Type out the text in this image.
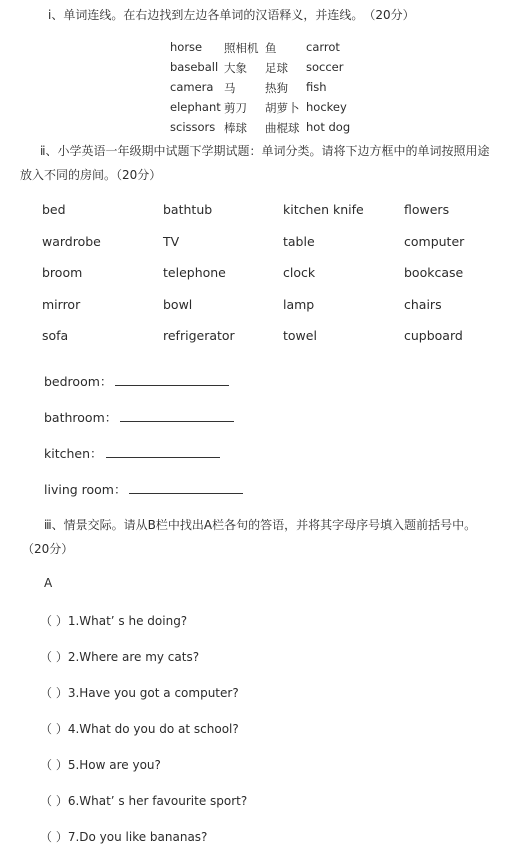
ⅰ、单词连线。在右边找到左边各单词的汉语释义，并连线。　（20分）
horse 照相机 鱼	carrot
baseball 大象 足球 soccer
camera 马	热狗 fish
elephant 剪刀 胡萝卜 hockey
scissors 棒球 曲棍球 hot dog
ⅱ、小学英语一年级期中试题下学期试题：单词分类。请将下边方框中的单词按照用途
放入不同的房间。（20分）
bed	bathtub	kitchen knife	flowers
wardrobe	TV	table	computer
broom	telephone	clock	bookcase
mirror	bowl	lamp	chairs
sofa	refrigerator	towel	cupboard
bedroom：
bathroom：
kitchen：
living room：
ⅲ、情景交际。请从B栏中找出A栏各句的答语，并将其字母序号填入题前括号中。
（20分）
A
（ ）1.What’ s he doing?
（ ）2.Where are my cats?
（ ）3.Have you got a computer?
（ ）4.What do you do at school?
（ ）5.How are you?
（ ）6.What’ s her favourite sport?
（ ）7.Do you like bananas?
